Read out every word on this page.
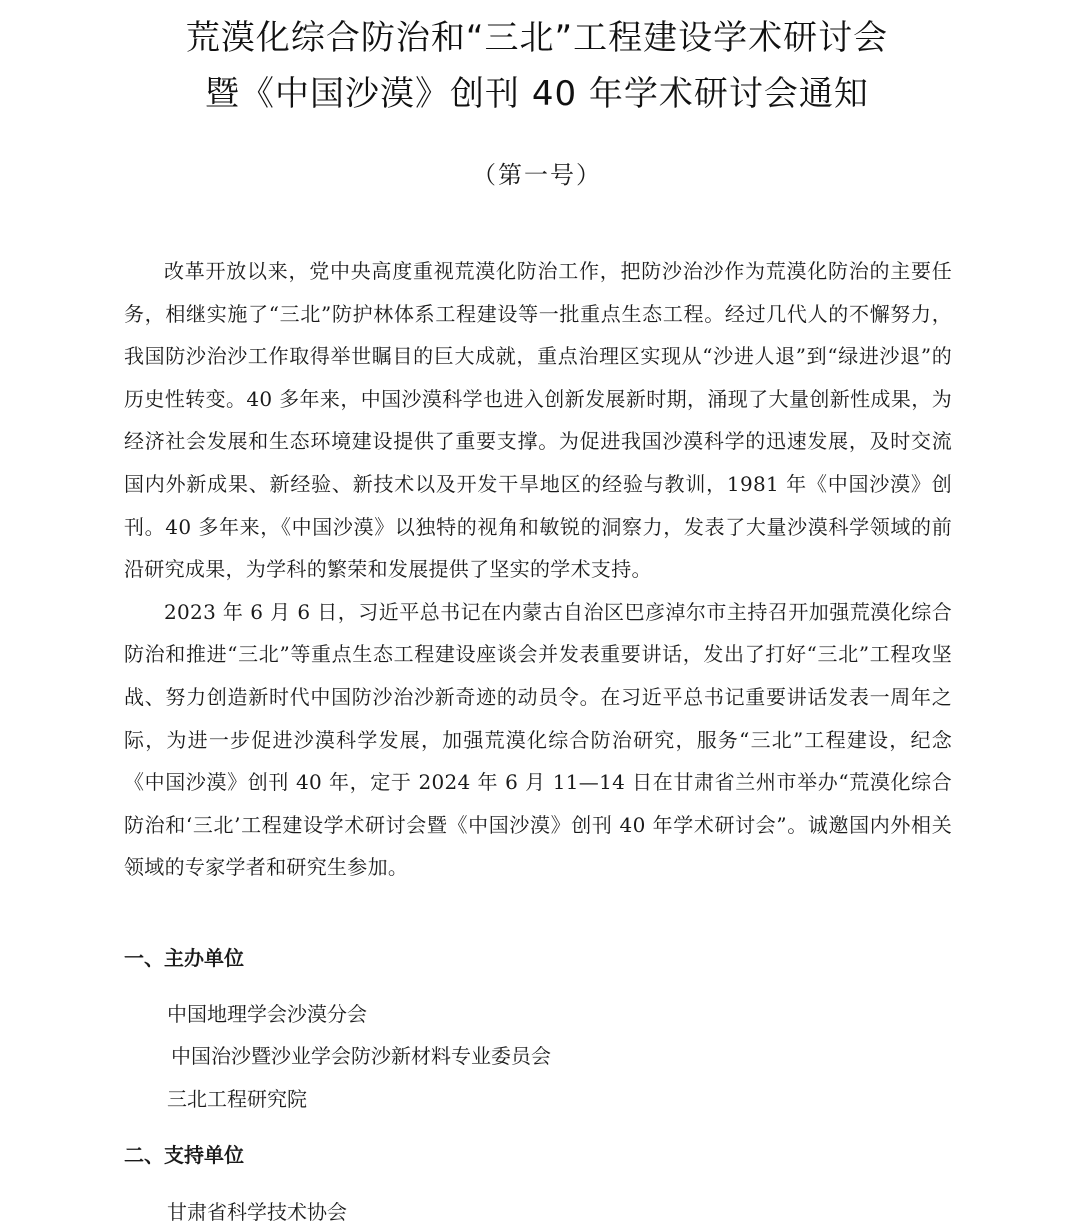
荒漠化综合防治和“三北”工程建设学术研讨会
暨《中国沙漠》创刊 40 年学术研讨会通知
（第一号）

改革开放以来，党中央高度重视荒漠化防治工作，把防沙治沙作为荒漠化防治的主要任务，相继实施了“三北”防护林体系工程建设等一批重点生态工程。经过几代人的不懈努力，我国防沙治沙工作取得举世瞩目的巨大成就，重点治理区实现从“沙进人退”到“绿进沙退”的历史性转变。40 多年来，中国沙漠科学也进入创新发展新时期，涌现了大量创新性成果，为经济社会发展和生态环境建设提供了重要支撑。为促进我国沙漠科学的迅速发展，及时交流国内外新成果、新经验、新技术以及开发干旱地区的经验与教训，1981 年《中国沙漠》创刊。40 多年来，《中国沙漠》以独特的视角和敏锐的洞察力，发表了大量沙漠科学领域的前沿研究成果，为学科的繁荣和发展提供了坚实的学术支持。

2023 年 6 月 6 日，习近平总书记在内蒙古自治区巴彦淖尔市主持召开加强荒漠化综合防治和推进“三北”等重点生态工程建设座谈会并发表重要讲话，发出了打好“三北”工程攻坚战、努力创造新时代中国防沙治沙新奇迹的动员令。在习近平总书记重要讲话发表一周年之际，为进一步促进沙漠科学发展，加强荒漠化综合防治研究，服务“三北”工程建设，纪念《中国沙漠》创刊 40 年，定于 2024 年 6 月 11—14 日在甘肃省兰州市举办“荒漠化综合防治和‘三北’工程建设学术研讨会暨《中国沙漠》创刊 40 年学术研讨会”。诚邀国内外相关领域的专家学者和研究生参加。

一、主办单位
中国地理学会沙漠分会
中国治沙暨沙业学会防沙新材料专业委员会
三北工程研究院
二、支持单位
甘肃省科学技术协会
